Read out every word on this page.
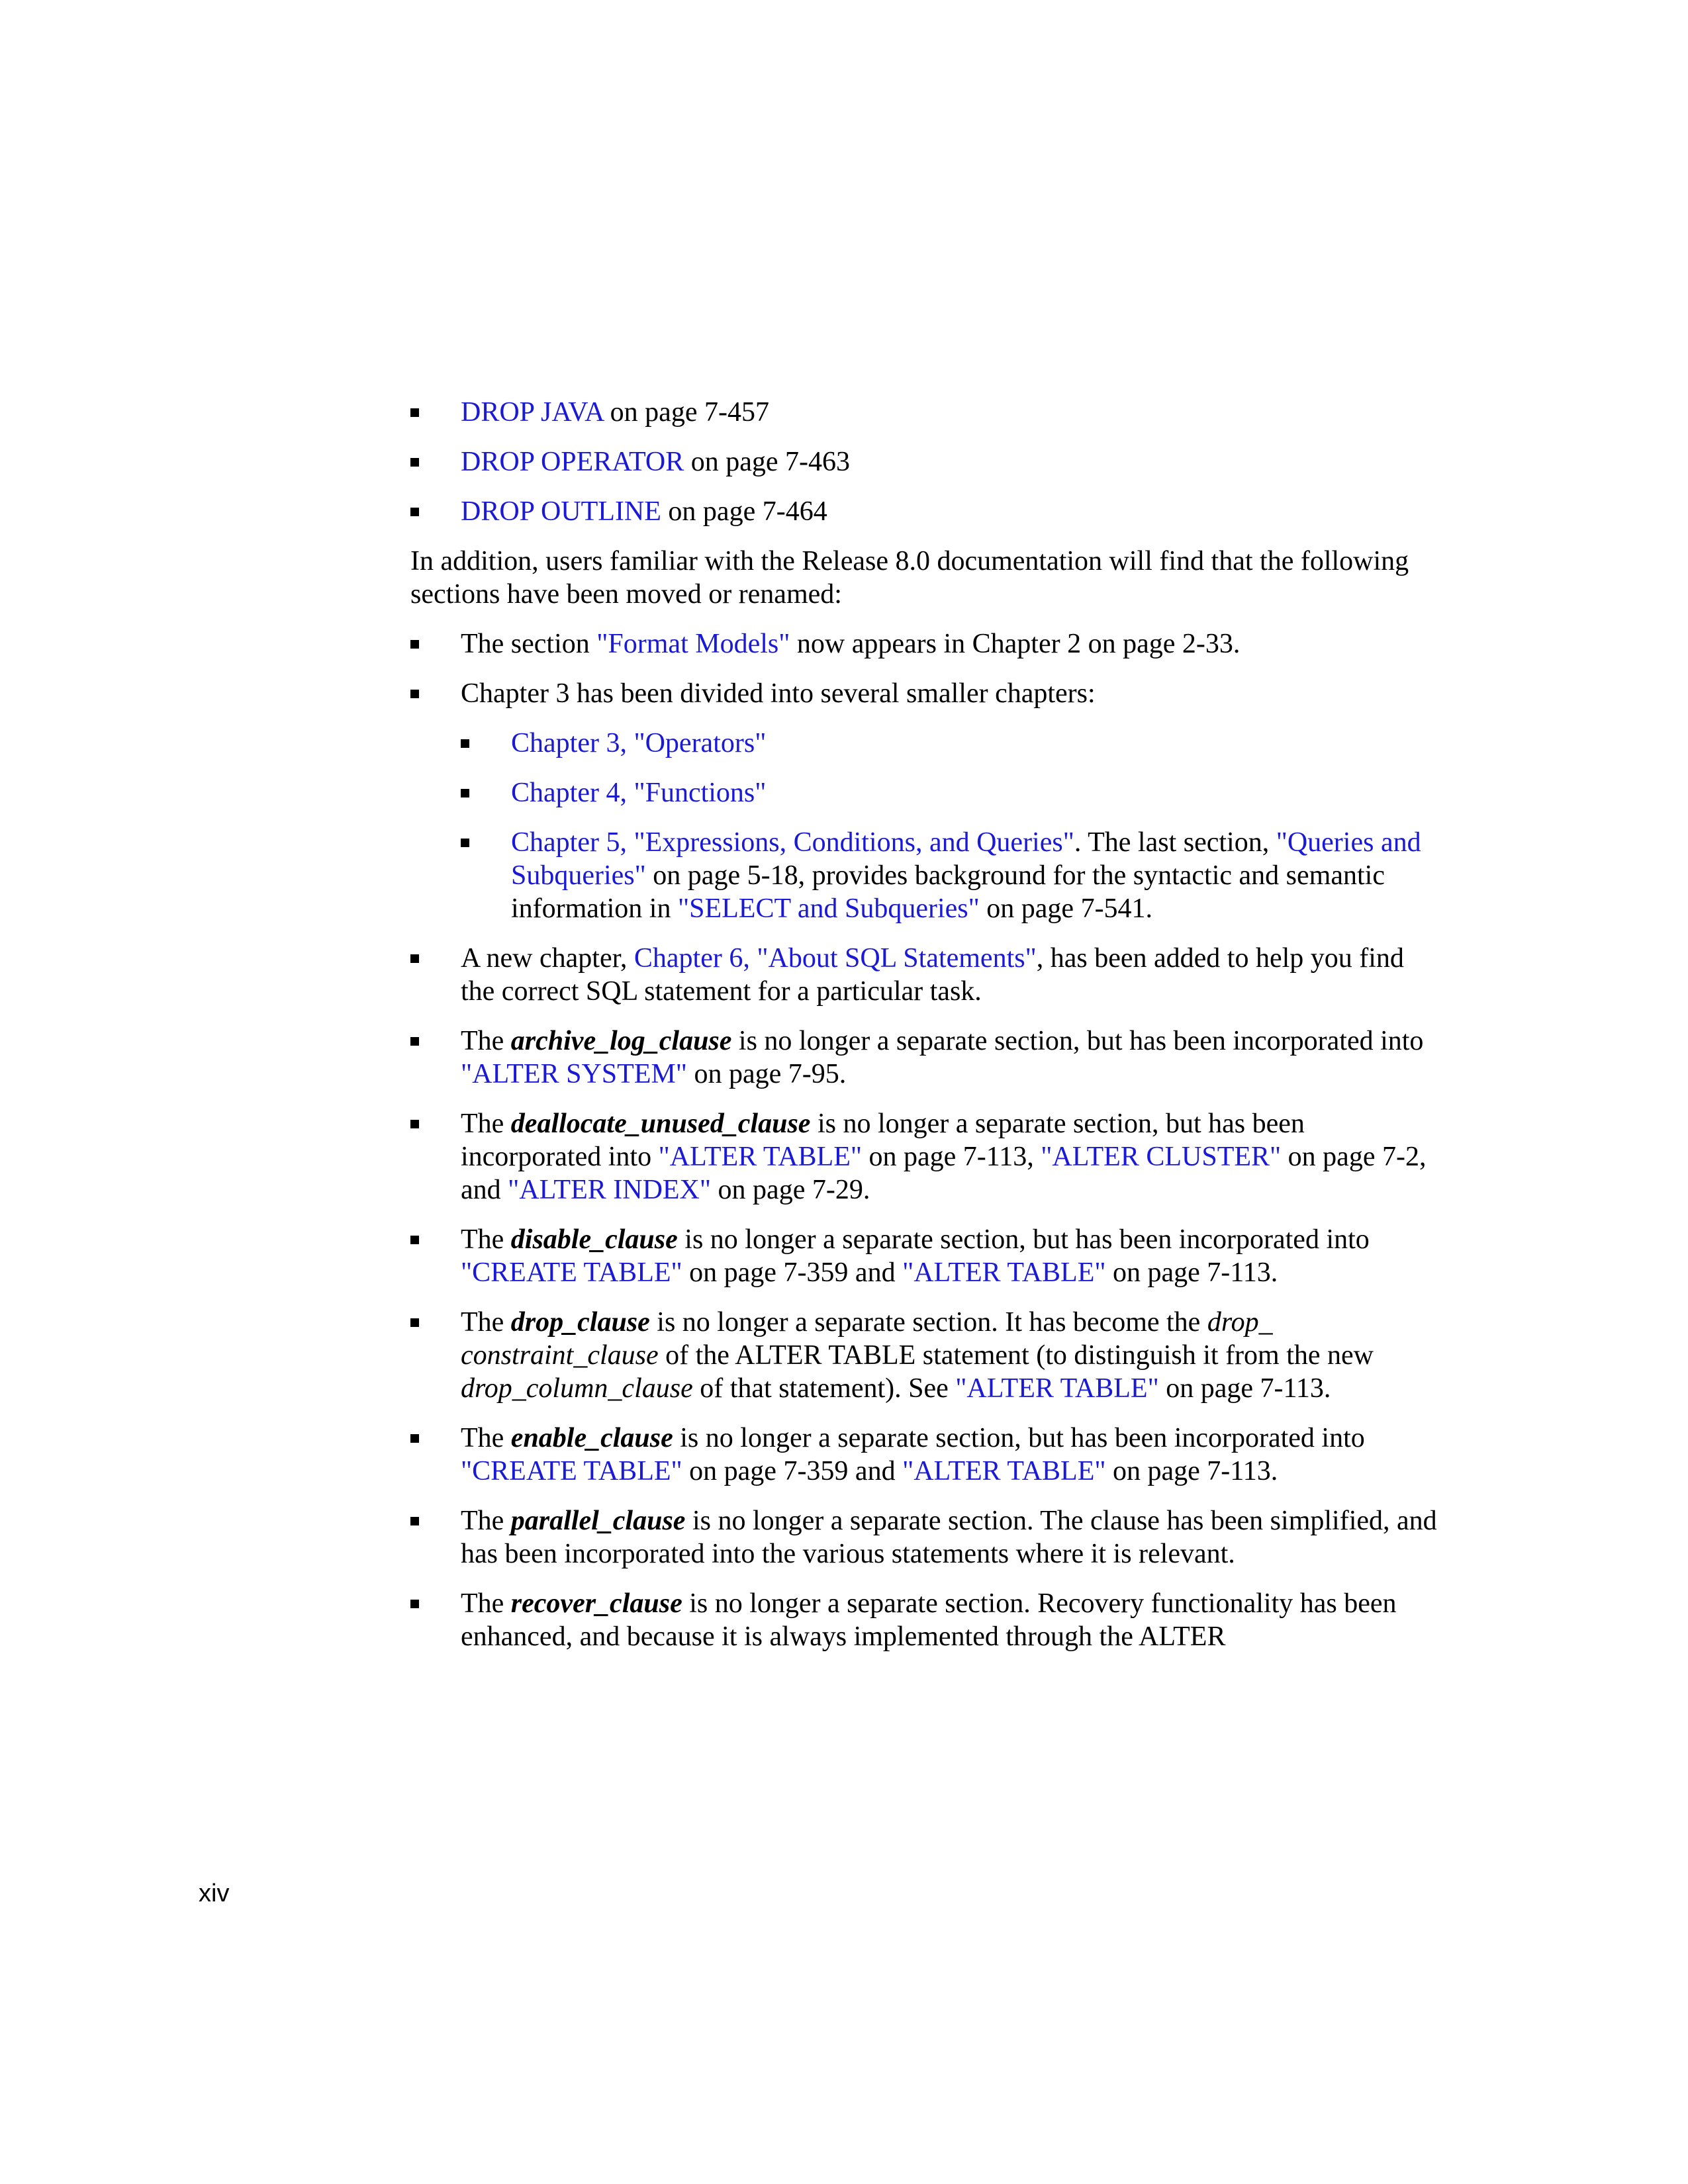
DROP JAVA on page 7-457
DROP OPERATOR on page 7-463
DROP OUTLINE on page 7-464
In addition, users familiar with the Release 8.0 documentation will find that the following sections have been moved or renamed:
The section "Format Models" now appears in Chapter 2 on page 2-33.
Chapter 3 has been divided into several smaller chapters:
Chapter 3, "Operators"
Chapter 4, "Functions"
Chapter 5, "Expressions, Conditions, and Queries". The last section, "Queries and Subqueries" on page 5-18, provides background for the syntactic and semantic information in "SELECT and Subqueries" on page 7-541.
A new chapter, Chapter 6, "About SQL Statements", has been added to help you find the correct SQL statement for a particular task.
The archive_log_clause is no longer a separate section, but has been incorporated into "ALTER SYSTEM" on page 7-95.
The deallocate_unused_clause is no longer a separate section, but has been incorporated into "ALTER TABLE" on page 7-113, "ALTER CLUSTER" on page 7-2, and "ALTER INDEX" on page 7-29.
The disable_clause is no longer a separate section, but has been incorporated into "CREATE TABLE" on page 7-359 and "ALTER TABLE" on page 7-113.
The drop_clause is no longer a separate section. It has become the drop_ constraint_clause of the ALTER TABLE statement (to distinguish it from the new drop_column_clause of that statement). See "ALTER TABLE" on page 7-113.
The enable_clause is no longer a separate section, but has been incorporated into "CREATE TABLE" on page 7-359 and "ALTER TABLE" on page 7-113.
The parallel_clause is no longer a separate section. The clause has been simplified, and has been incorporated into the various statements where it is relevant.
The recover_clause is no longer a separate section. Recovery functionality has been enhanced, and because it is always implemented through the ALTER
xiv
